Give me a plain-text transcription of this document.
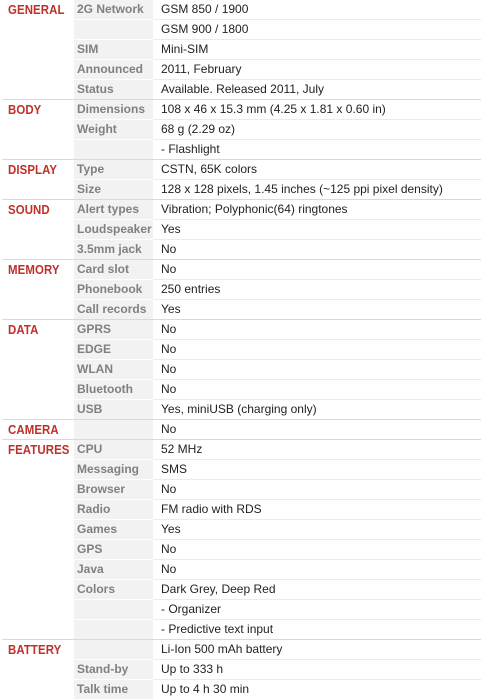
GENERAL	2G Network	GSM 850 / 1900
		GSM 900 / 1800
	SIM	Mini-SIM
	Announced	2011, February
	Status	Available. Released 2011, July
BODY	Dimensions	108 x 46 x 15.3 mm (4.25 x 1.81 x 0.60 in)
	Weight	68 g (2.29 oz)
		- Flashlight
DISPLAY	Type	CSTN, 65K colors
	Size	128 x 128 pixels, 1.45 inches (~125 ppi pixel density)
SOUND	Alert types	Vibration; Polyphonic(64) ringtones
	Loudspeaker	Yes
	3.5mm jack	No
MEMORY	Card slot	No
	Phonebook	250 entries
	Call records	Yes
DATA	GPRS	No
	EDGE	No
	WLAN	No
	Bluetooth	No
	USB	Yes, miniUSB (charging only)
CAMERA		No
FEATURES	CPU	52 MHz
	Messaging	SMS
	Browser	No
	Radio	FM radio with RDS
	Games	Yes
	GPS	No
	Java	No
	Colors	Dark Grey, Deep Red
		- Organizer
		- Predictive text input
BATTERY		Li-Ion 500 mAh battery
	Stand-by	Up to 333 h
	Talk time	Up to 4 h 30 min
